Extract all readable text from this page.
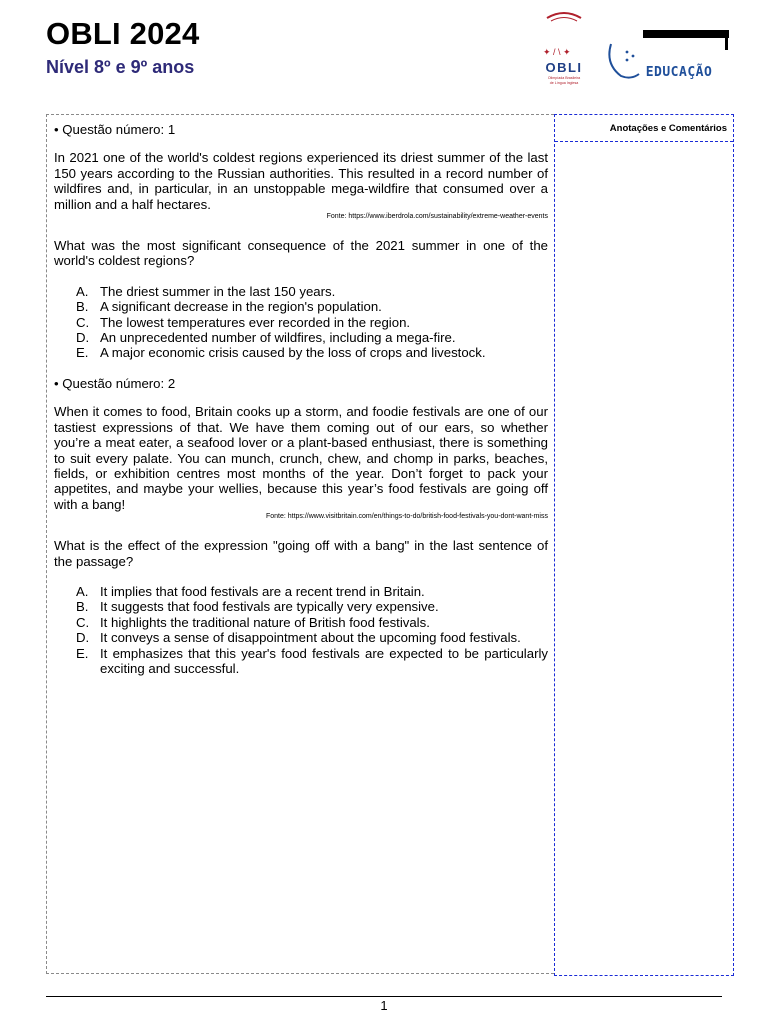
OBLI 2024
Nível 8º e 9º anos
✦ / \ ✦
OBLI
Olimpíada Brasileira
de Língua Inglesa
EDUCAÇÃO
Anotações e Comentários

• Questão número: 1

In 2021 one of the world's coldest regions experienced its driest summer of the last 150 years according to the Russian authorities. This resulted in a record number of wildfires and, in particular, in an unstoppable mega-wildfire that consumed over a million and a half hectares.

Fonte: https://www.iberdrola.com/sustainability/extreme-weather-events

What was the most significant consequence of the 2021 summer in one of the world's coldest regions?

A. The driest summer in the last 150 years.
B. A significant decrease in the region's population.
C. The lowest temperatures ever recorded in the region.
D. An unprecedented number of wildfires, including a mega-fire.
E. A major economic crisis caused by the loss of crops and livestock.

• Questão número: 2

When it comes to food, Britain cooks up a storm, and foodie festivals are one of our tastiest expressions of that. We have them coming out of our ears, so whether you’re a meat eater, a seafood lover or a plant-based enthusiast, there is something to suit every palate. You can munch, crunch, chew, and chomp in parks, beaches, fields, or exhibition centres most months of the year. Don’t forget to pack your appetites, and maybe your wellies, because this year’s food festivals are going off with a bang!

Fonte: https://www.visitbritain.com/en/things-to-do/british-food-festivals-you-dont-want-miss

What is the effect of the expression "going off with a bang" in the last sentence of the passage?

A. It implies that food festivals are a recent trend in Britain.
B. It suggests that food festivals are typically very expensive.
C. It highlights the traditional nature of British food festivals.
D. It conveys a sense of disappointment about the upcoming food festivals.
E. It emphasizes that this year's food festivals are expected to be particularly exciting and successful.
1
